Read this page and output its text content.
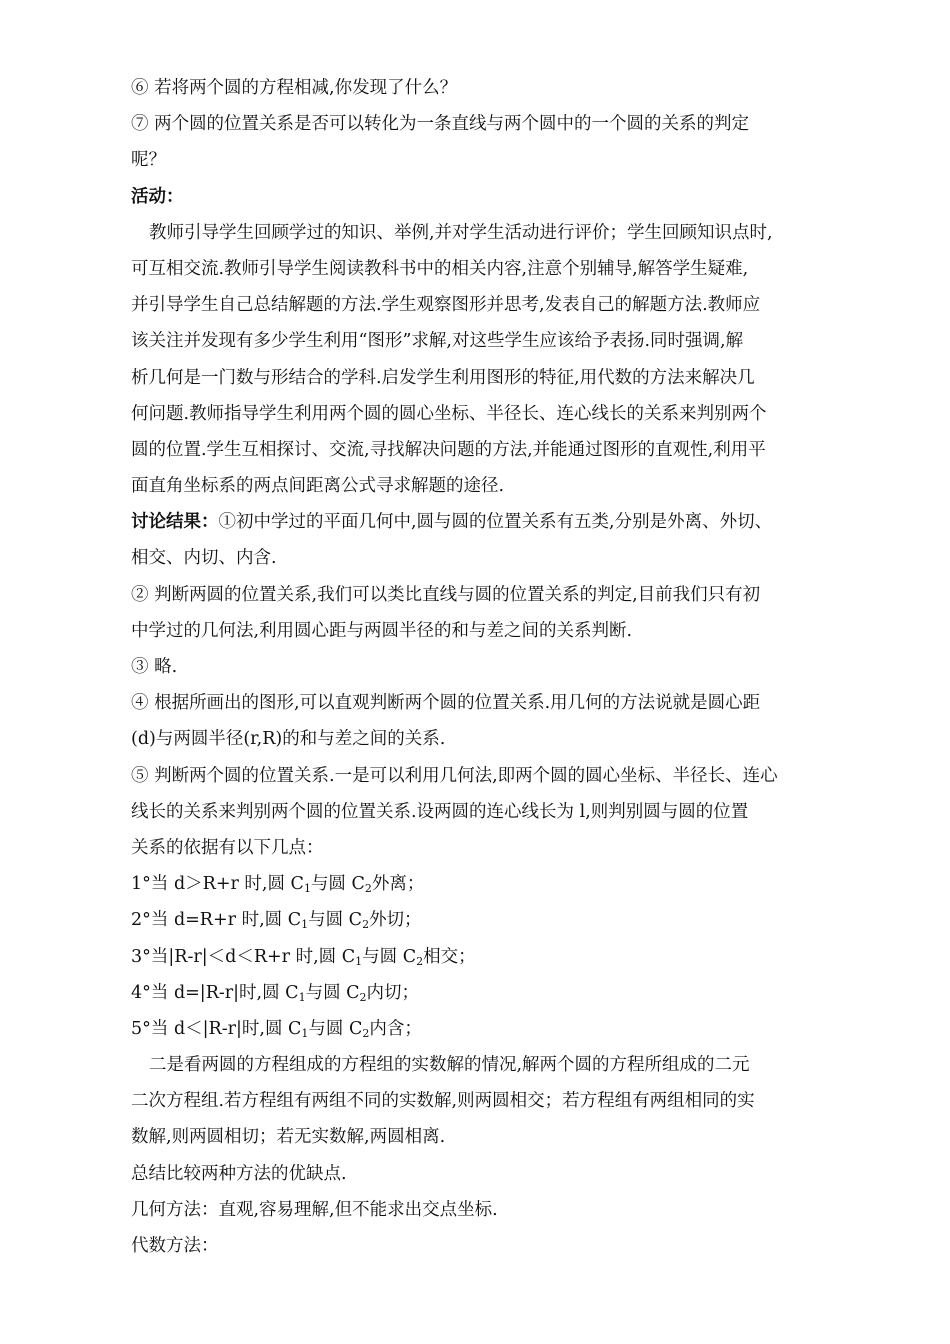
⑥ 若将两个圆的方程相减,你发现了什么？
⑦ 两个圆的位置关系是否可以转化为一条直线与两个圆中的一个圆的关系的判定
呢？
活动：
教师引导学生回顾学过的知识、举例,并对学生活动进行评价；学生回顾知识点时,
可互相交流.教师引导学生阅读教科书中的相关内容,注意个别辅导,解答学生疑难,
并引导学生自己总结解题的方法.学生观察图形并思考,发表自己的解题方法.教师应
该关注并发现有多少学生利用“图形”求解,对这些学生应该给予表扬.同时强调,解
析几何是一门数与形结合的学科.启发学生利用图形的特征,用代数的方法来解决几
何问题.教师指导学生利用两个圆的圆心坐标、半径长、连心线长的关系来判别两个
圆的位置.学生互相探讨、交流,寻找解决问题的方法,并能通过图形的直观性,利用平
面直角坐标系的两点间距离公式寻求解题的途径.
讨论结果：①初中学过的平面几何中,圆与圆的位置关系有五类,分别是外离、外切、
相交、内切、内含.
② 判断两圆的位置关系,我们可以类比直线与圆的位置关系的判定,目前我们只有初
中学过的几何法,利用圆心距与两圆半径的和与差之间的关系判断.
③ 略.
④ 根据所画出的图形,可以直观判断两个圆的位置关系.用几何的方法说就是圆心距
(d)与两圆半径(r,R)的和与差之间的关系.
⑤ 判断两个圆的位置关系.一是可以利用几何法,即两个圆的圆心坐标、半径长、连心
线长的关系来判别两个圆的位置关系.设两圆的连心线长为 l,则判别圆与圆的位置
关系的依据有以下几点：
1°当 d＞R+r 时,圆 $C_1$与圆 $C_2$外离；
2°当 d=R+r 时,圆 $C_1$与圆 $C_2$外切；
3°当|R-r|＜d＜R+r 时,圆 $C_1$与圆 $C_2$相交；
4°当 d=|R-r|时,圆 $C_1$与圆 $C_2$内切；
5°当 d＜|R-r|时,圆 $C_1$与圆 $C_2$内含；
二是看两圆的方程组成的方程组的实数解的情况,解两个圆的方程所组成的二元
二次方程组.若方程组有两组不同的实数解,则两圆相交；若方程组有两组相同的实
数解,则两圆相切；若无实数解,两圆相离.
总结比较两种方法的优缺点.
几何方法：直观,容易理解,但不能求出交点坐标.
代数方法：
